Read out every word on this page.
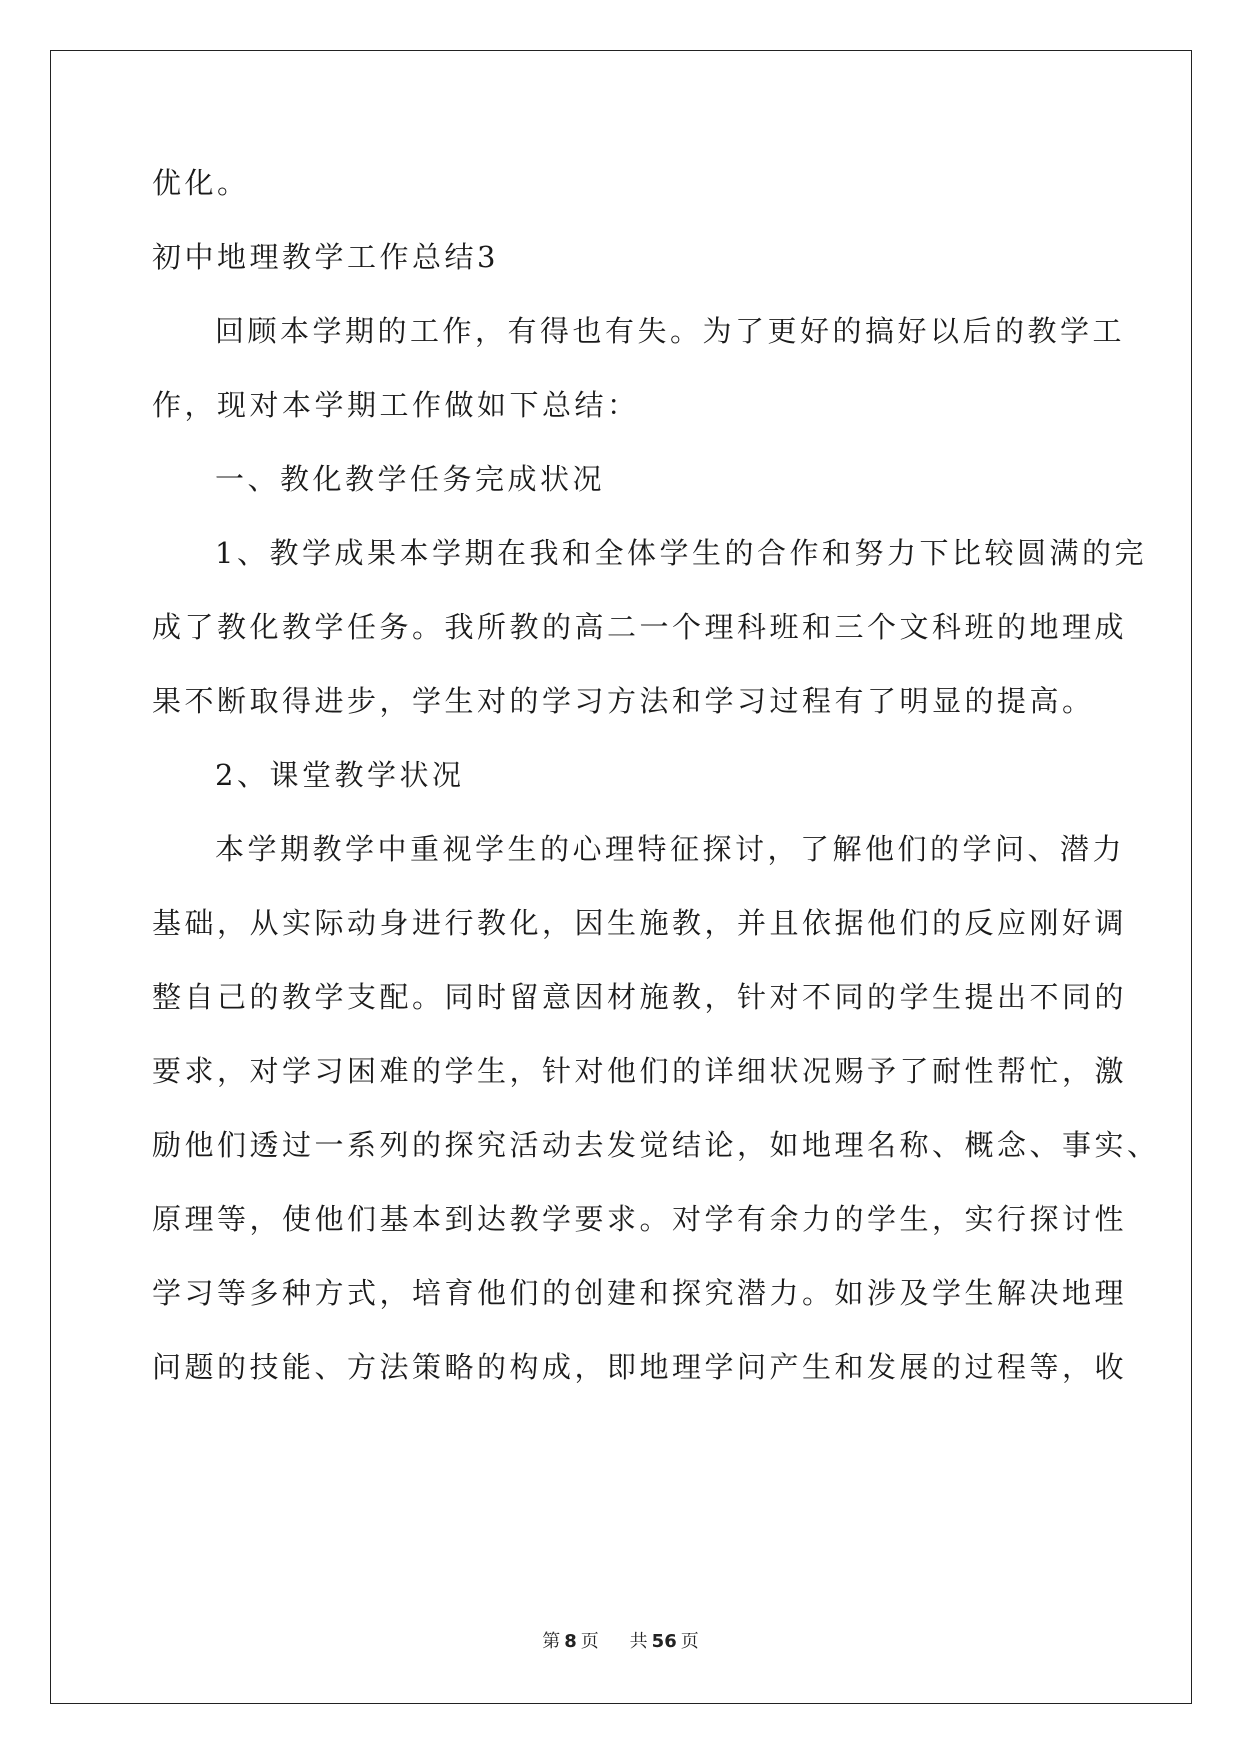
优化。
初中地理教学工作总结3
回顾本学期的工作，有得也有失。为了更好的搞好以后的教学工
作，现对本学期工作做如下总结：
一、教化教学任务完成状况
1、教学成果本学期在我和全体学生的合作和努力下比较圆满的完
成了教化教学任务。我所教的高二一个理科班和三个文科班的地理成
果不断取得进步，学生对的学习方法和学习过程有了明显的提高。
2、课堂教学状况
本学期教学中重视学生的心理特征探讨，了解他们的学问、潜力
基础，从实际动身进行教化，因生施教，并且依据他们的反应刚好调
整自己的教学支配。同时留意因材施教，针对不同的学生提出不同的
要求，对学习困难的学生，针对他们的详细状况赐予了耐性帮忙，激
励他们透过一系列的探究活动去发觉结论，如地理名称、概念、事实、
原理等，使他们基本到达教学要求。对学有余力的学生，实行探讨性
学习等多种方式，培育他们的创建和探究潜力。如涉及学生解决地理
问题的技能、方法策略的构成，即地理学问产生和发展的过程等，收
第 8 页 共 56 页
